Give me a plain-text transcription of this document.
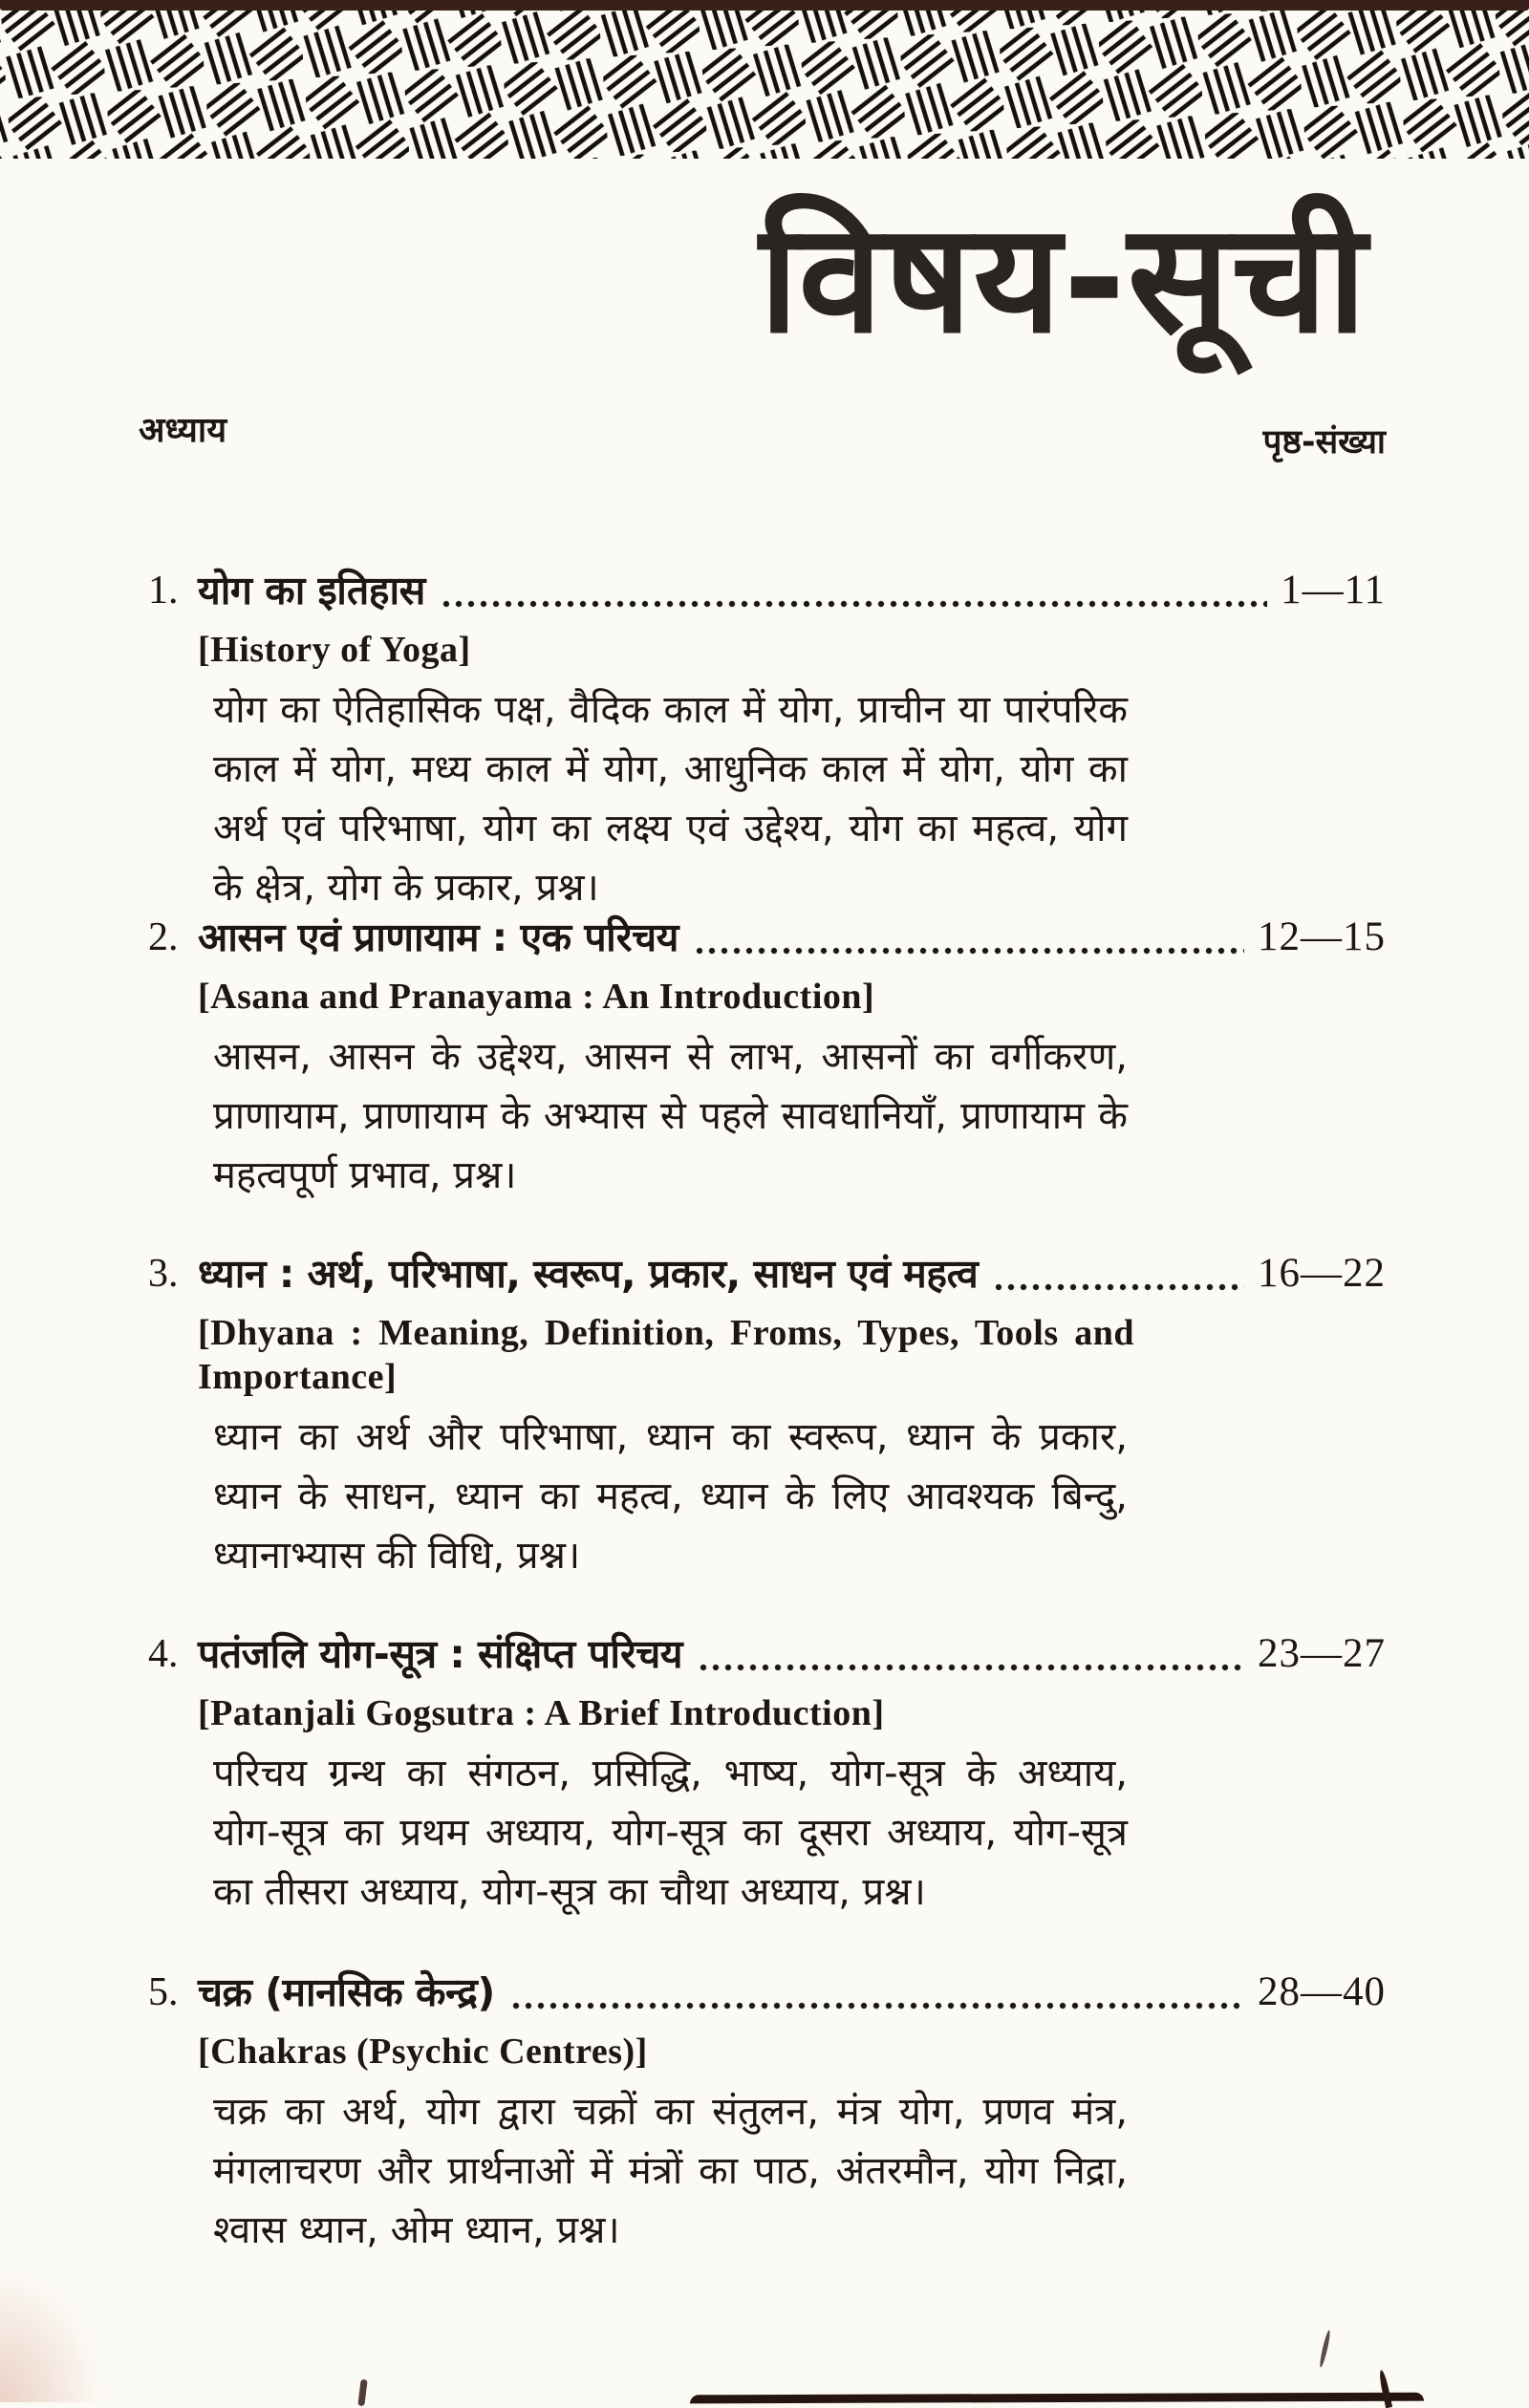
विषय-सूची
अध्याय	पृष्ठ-संख्या
1. योग का इतिहास	1—11
[History of Yoga]
योग का ऐतिहासिक पक्ष, वैदिक काल में योग, प्राचीन या पारंपरिक काल में योग, मध्य काल में योग, आधुनिक काल में योग, योग का अर्थ एवं परिभाषा, योग का लक्ष्य एवं उद्देश्य, योग का महत्व, योग के क्षेत्र, योग के प्रकार, प्रश्न।
2. आसन एवं प्राणायाम : एक परिचय	12—15
[Asana and Pranayama : An Introduction]
आसन, आसन के उद्देश्य, आसन से लाभ, आसनों का वर्गीकरण, प्राणायाम, प्राणायाम के अभ्यास से पहले सावधानियाँ, प्राणायाम के महत्वपूर्ण प्रभाव, प्रश्न।
3. ध्यान : अर्थ, परिभाषा, स्वरूप, प्रकार, साधन एवं महत्व	16—22
[Dhyana : Meaning, Definition, Froms, Types, Tools and Importance]
ध्यान का अर्थ और परिभाषा, ध्यान का स्वरूप, ध्यान के प्रकार, ध्यान के साधन, ध्यान का महत्व, ध्यान के लिए आवश्यक बिन्दु, ध्यानाभ्यास की विधि, प्रश्न।
4. पतंजलि योग-सूत्र : संक्षिप्त परिचय	23—27
[Patanjali Gogsutra : A Brief Introduction]
परिचय ग्रन्थ का संगठन, प्रसिद्धि, भाष्य, योग-सूत्र के अध्याय, योग-सूत्र का प्रथम अध्याय, योग-सूत्र का दूसरा अध्याय, योग-सूत्र का तीसरा अध्याय, योग-सूत्र का चौथा अध्याय, प्रश्न।
5. चक्र (मानसिक केन्द्र)	28—40
[Chakras (Psychic Centres)]
चक्र का अर्थ, योग द्वारा चक्रों का संतुलन, मंत्र योग, प्रणव मंत्र, मंगलाचरण और प्रार्थनाओं में मंत्रों का पाठ, अंतरमौन, योग निद्रा, श्वास ध्यान, ओम ध्यान, प्रश्न।
